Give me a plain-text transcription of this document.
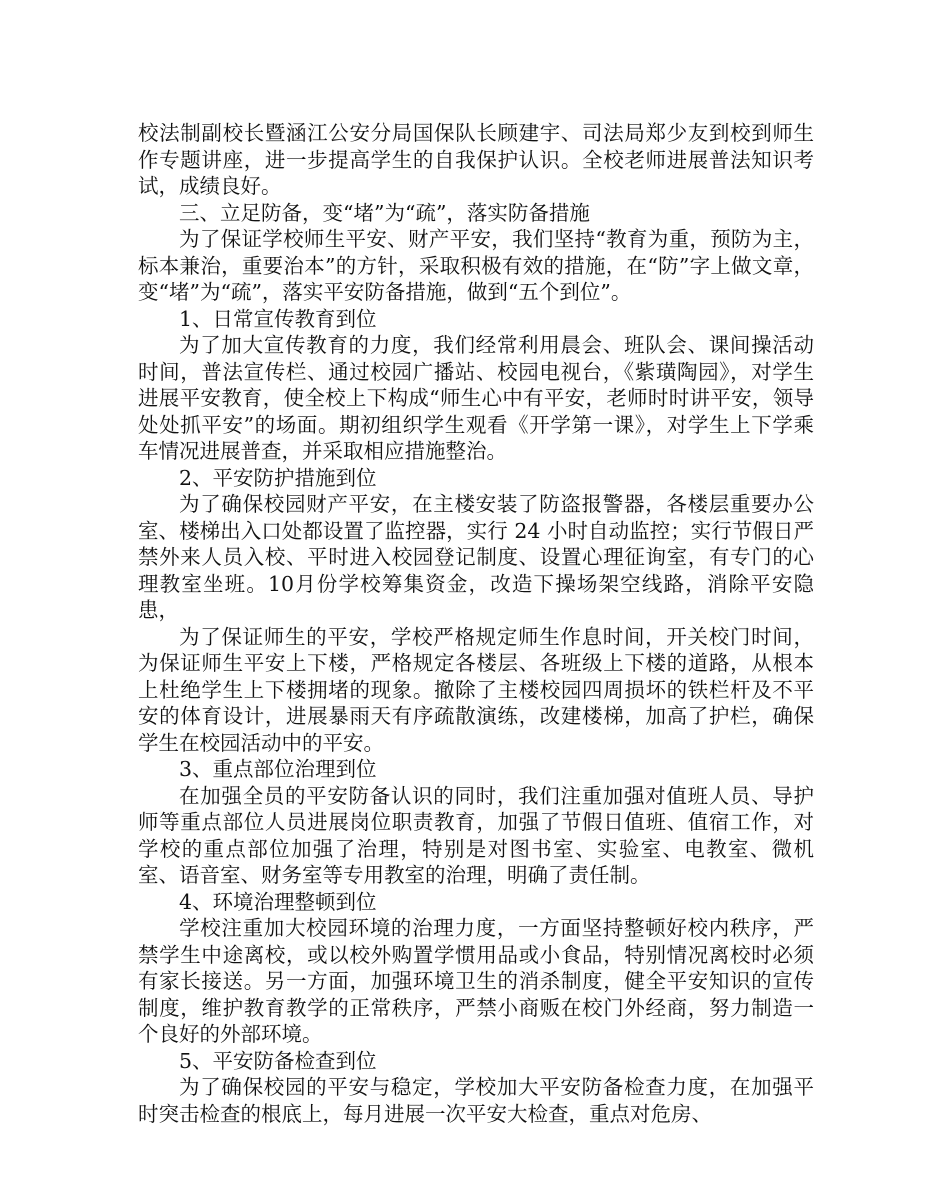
校法制副校长暨涵江公安分局国保队长顾建宇、司法局郑少友到校到师生作专题讲座，进一步提高学生的自我保护认识。全校老师进展普法知识考试，成绩良好。

三、立足防备，变“堵”为“疏”，落实防备措施

为了保证学校师生平安、财产平安，我们坚持“教育为重，预防为主，标本兼治，重要治本”的方针，采取积极有效的措施，在“防”字上做文章，变“堵”为“疏”，落实平安防备措施，做到“五个到位”。

1、日常宣传教育到位

为了加大宣传教育的力度，我们经常利用晨会、班队会、课间操活动时间，普法宣传栏、通过校园广播站、校园电视台，《紫璜陶园》，对学生进展平安教育，使全校上下构成“师生心中有平安，老师时时讲平安，领导处处抓平安”的场面。期初组织学生观看《开学第一课》，对学生上下学乘车情况进展普查，并采取相应措施整治。

2、平安防护措施到位

为了确保校园财产平安，在主楼安装了防盗报警器，各楼层重要办公室、楼梯出入口处都设置了监控器，实行 24 小时自动监控；实行节假日严禁外来人员入校、平时进入校园登记制度、设置心理征询室，有专门的心理教室坐班。10月份学校筹集资金，改造下操场架空线路，消除平安隐患，

为了保证师生的平安，学校严格规定师生作息时间，开关校门时间，为保证师生平安上下楼，严格规定各楼层、各班级上下楼的道路，从根本上杜绝学生上下楼拥堵的现象。撤除了主楼校园四周损坏的铁栏杆及不平安的体育设计，进展暴雨天有序疏散演练，改建楼梯，加高了护栏，确保学生在校园活动中的平安。

3、重点部位治理到位

在加强全员的平安防备认识的同时，我们注重加强对值班人员、导护师等重点部位人员进展岗位职责教育，加强了节假日值班、值宿工作，对学校的重点部位加强了治理，特别是对图书室、实验室、电教室、微机室、语音室、财务室等专用教室的治理，明确了责任制。

4、环境治理整顿到位

学校注重加大校园环境的治理力度，一方面坚持整顿好校内秩序，严禁学生中途离校，或以校外购置学惯用品或小食品，特别情况离校时必须有家长接送。另一方面，加强环境卫生的消杀制度，健全平安知识的宣传制度，维护教育教学的正常秩序，严禁小商贩在校门外经商，努力制造一个良好的外部环境。

5、平安防备检查到位

为了确保校园的平安与稳定，学校加大平安防备检查力度，在加强平时突击检查的根底上，每月进展一次平安大检查，重点对危房、
